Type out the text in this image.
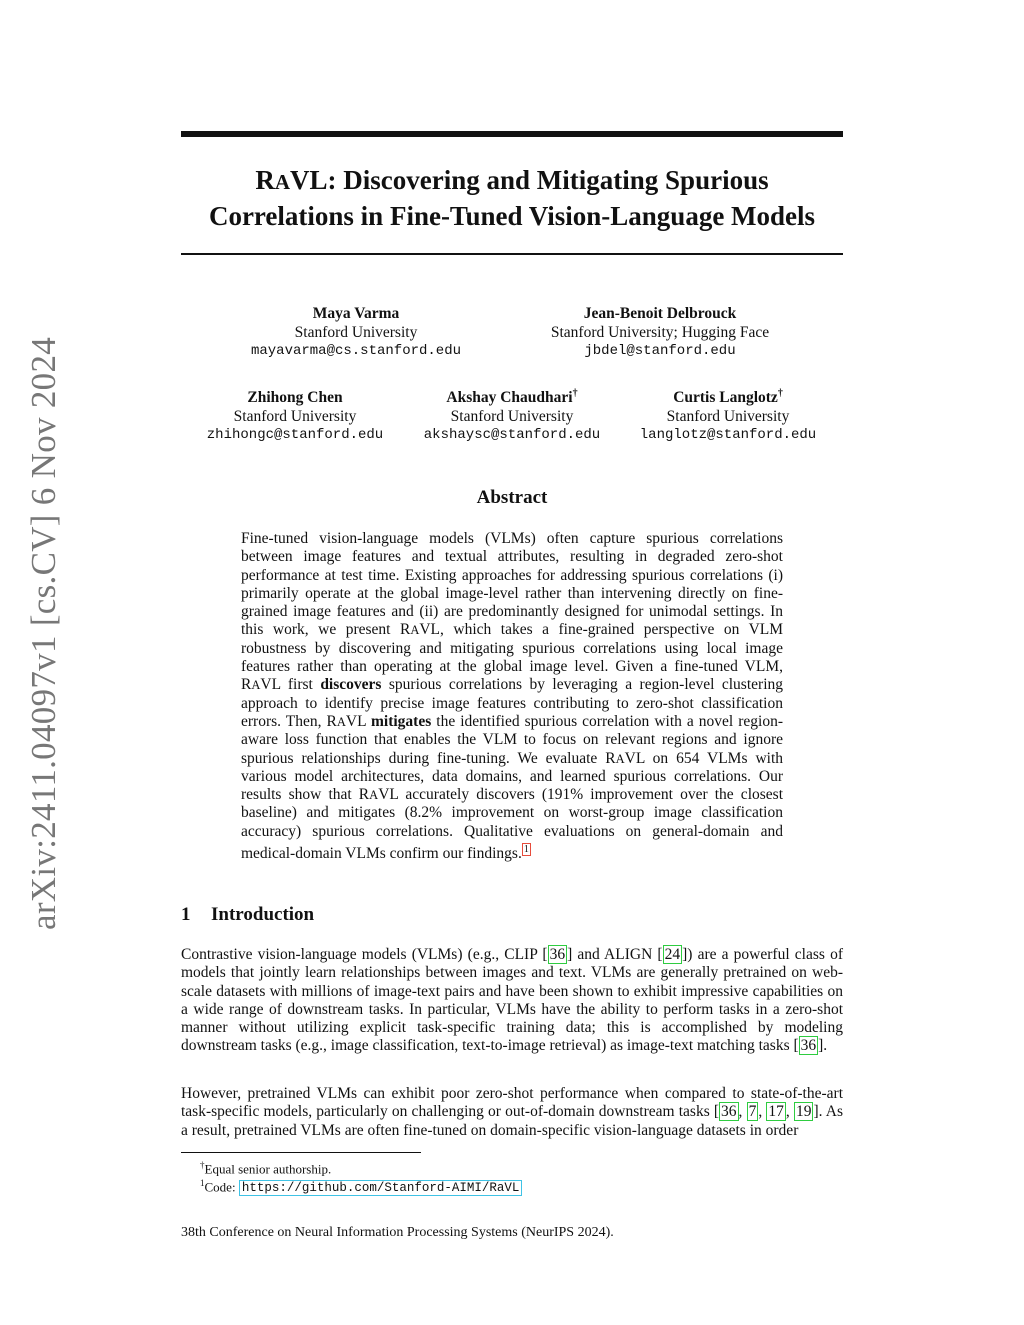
arXiv:2411.04097v1 [cs.CV] 6 Nov 2024
RAVL: Discovering and Mitigating Spurious
Correlations in Fine-Tuned Vision-Language Models
Maya Varma
Stanford University
mayavarma@cs.stanford.edu
Jean-Benoit Delbrouck
Stanford University; Hugging Face
jbdel@stanford.edu
Zhihong Chen
Stanford University
zhihongc@stanford.edu
Akshay Chaudhari†
Stanford University
akshaysc@stanford.edu
Curtis Langlotz†
Stanford University
langlotz@stanford.edu
Abstract

Fine-tuned vision-language models (VLMs) often capture spurious correlations between image features and textual attributes, resulting in degraded zero-shot performance at test time. Existing approaches for addressing spurious correlations (i) primarily operate at the global image-level rather than intervening directly on fine-grained image features and (ii) are predominantly designed for unimodal settings. In this work, we present RAVL, which takes a fine-grained perspective on VLM robustness by discovering and mitigating spurious correlations using local image features rather than operating at the global image level. Given a fine-tuned VLM, RAVL first discovers spurious correlations by leveraging a region-level clustering approach to identify precise image features contributing to zero-shot classification errors. Then, RAVL mitigates the identified spurious correlation with a novel region-aware loss function that enables the VLM to focus on relevant regions and ignore spurious relationships during fine-tuning. We evaluate RAVL on 654 VLMs with various model architectures, data domains, and learned spurious correlations. Our results show that RAVL accurately discovers (191% improvement over the closest baseline) and mitigates (8.2% improvement on worst-group image classification accuracy) spurious correlations. Qualitative evaluations on general-domain and medical-domain VLMs confirm our findings. $^1$

1 Introduction

Contrastive vision-language models (VLMs) (e.g., CLIP [ 36 ] and ALIGN [ 24 ]) are a powerful class of models that jointly learn relationships between images and text. VLMs are generally pretrained on web-scale datasets with millions of image-text pairs and have been shown to exhibit impressive capabilities on a wide range of downstream tasks. In particular, VLMs have the ability to perform tasks in a zero-shot manner without utilizing explicit task-specific training data; this is accomplished by modeling downstream tasks (e.g., image classification, text-to-image retrieval) as image-text matching tasks [ 36 ].

However, pretrained VLMs can exhibit poor zero-shot performance when compared to state-of-the-art task-specific models, particularly on challenging or out-of-domain downstream tasks [ 36 , 7 , 17 , 19 ]. As a result, pretrained VLMs are often fine-tuned on domain-specific vision-language datasets in order

†Equal senior authorship.
$^1$Code: https://github.com/Stanford-AIMI/RaVL
38th Conference on Neural Information Processing Systems (NeurIPS 2024).
